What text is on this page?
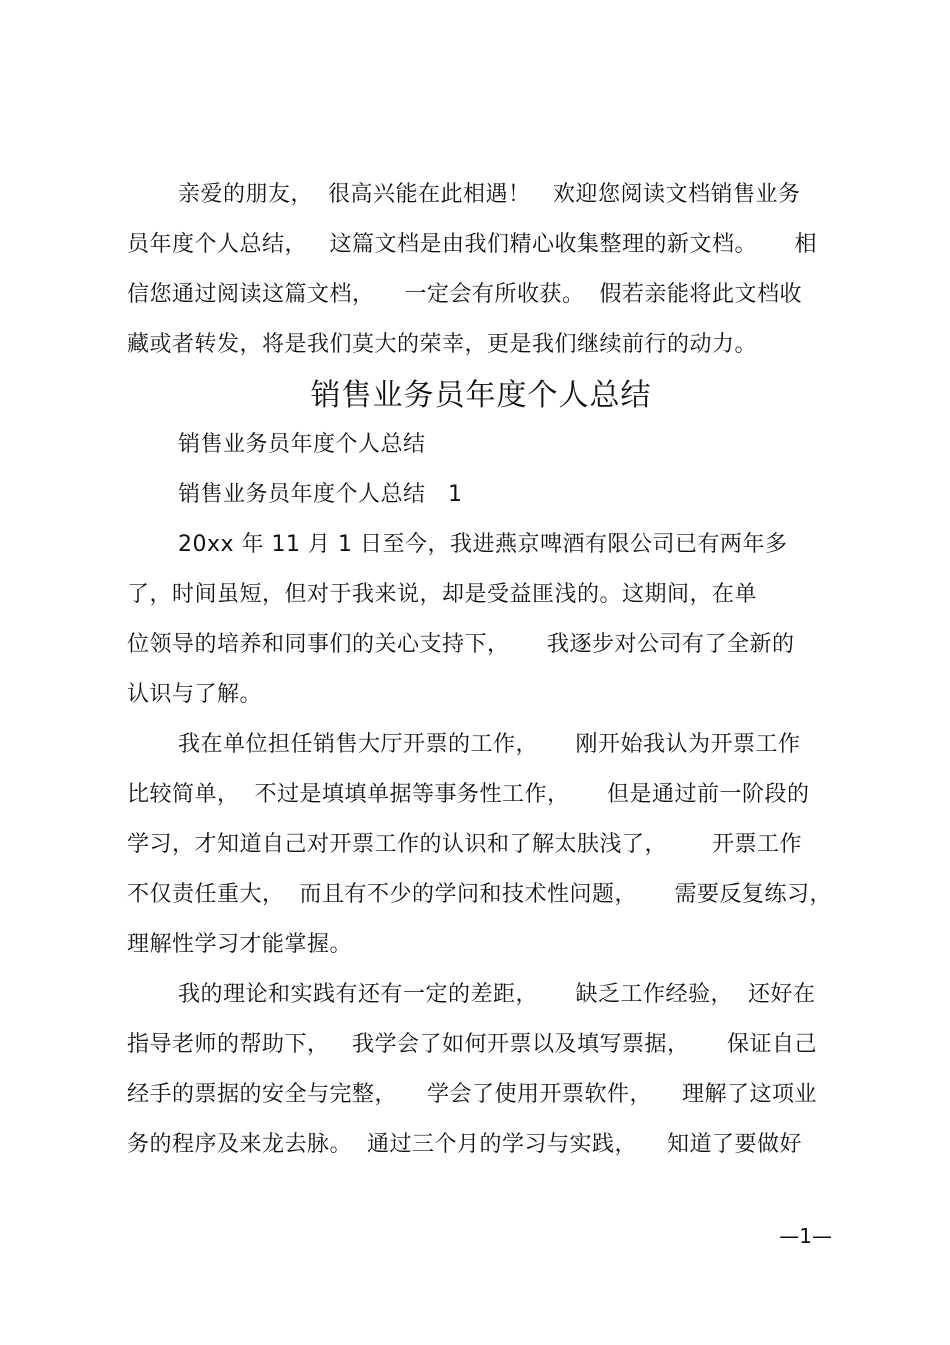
亲爱的朋友，  很高兴能在此相遇！   欢迎您阅读文档销售业务
员年度个人总结，   这篇文档是由我们精心收集整理的新文档。     相
信您通过阅读这篇文档，    一定会有所收获。  假若亲能将此文档收
藏或者转发，将是我们莫大的荣幸，更是我们继续前行的动力。
销售业务员年度个人总结
销售业务员年度个人总结
销售业务员年度个人总结   1
20xx 年 11 月 1 日至今，我进燕京啤酒有限公司已有两年多
了，时间虽短，但对于我来说，却是受益匪浅的。这期间，在单
位领导的培养和同事们的关心支持下，     我逐步对公司有了全新的
认识与了解。
我在单位担任销售大厅开票的工作，     刚开始我认为开票工作
比较简单，  不过是填填单据等事务性工作，     但是通过前一阶段的
学习，才知道自己对开票工作的认识和了解太肤浅了，      开票工作
不仅责任重大，  而且有不少的学问和技术性问题，     需要反复练习，
理解性学习才能掌握。
我的理论和实践有还有一定的差距，     缺乏工作经验，  还好在
指导老师的帮助下，   我学会了如何开票以及填写票据，     保证自己
经手的票据的安全与完整，    学会了使用开票软件，    理解了这项业
务的程序及来龙去脉。  通过三个月的学习与实践，    知道了要做好
—1—
